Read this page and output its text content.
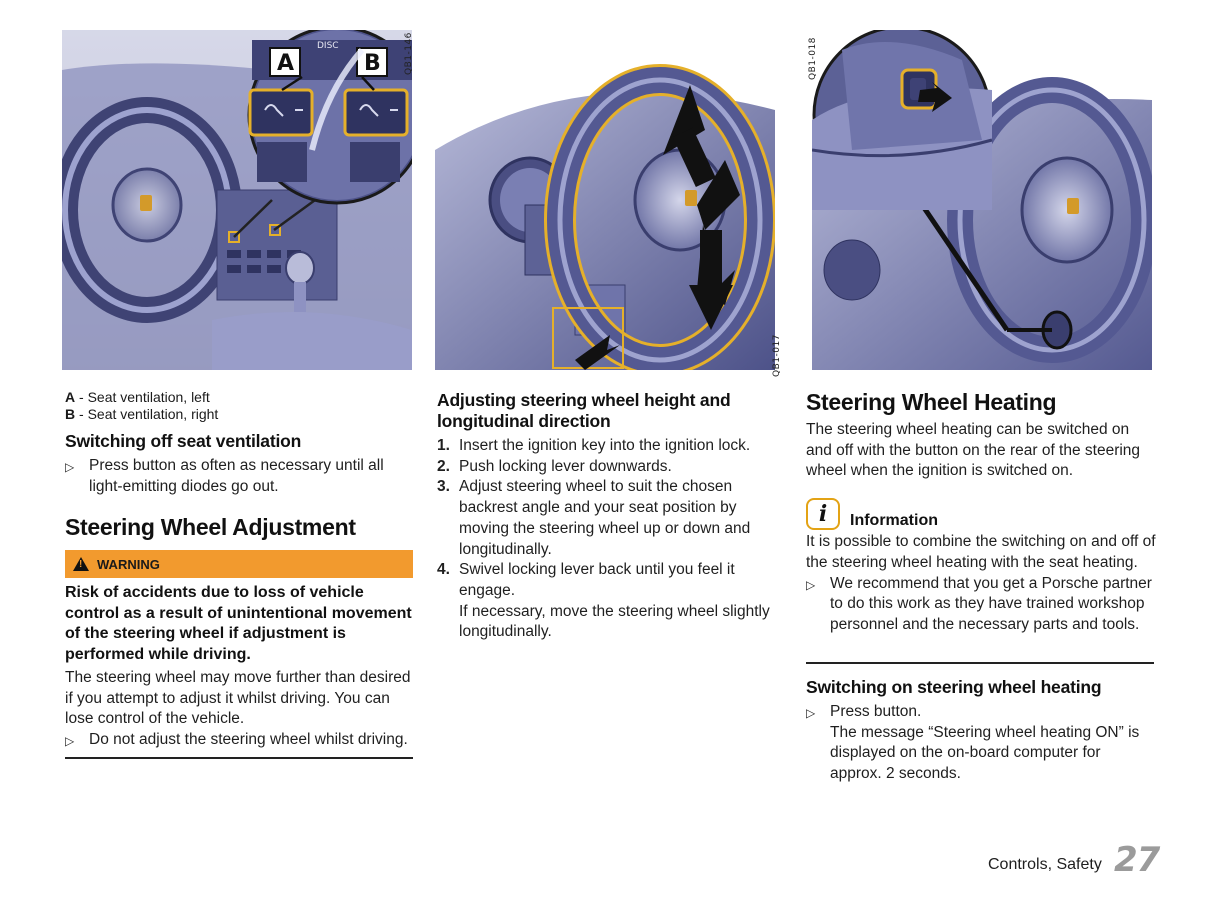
DISC
A	B	QB1-146
QB1-017
QB1-018
A - Seat ventilation, left
B - Seat ventilation, right
Switching off seat ventilation
▷ Press button as often as necessary until all light-emitting diodes go out.
Steering Wheel Adjustment
!
WARNING
Risk of accidents due to loss of vehicle control as a result of unintentional movement of the steering wheel if adjustment is performed while driving.
The steering wheel may move further than desired if you attempt to adjust it whilst driving. You can lose control of the vehicle.
▷ Do not adjust the steering wheel whilst driving.
Adjusting steering wheel height and longitudinal direction
1. Insert the ignition key into the ignition lock.
2. Push locking lever downwards.
3. Adjust steering wheel to suit the chosen backrest angle and your seat position by moving the steering wheel up or down and longitudinally.
4. Swivel locking lever back until you feel it engage.
If necessary, move the steering wheel slightly longitudinally.
Steering Wheel Heating
The steering wheel heating can be switched on and off with the button on the rear of the steering wheel when the ignition is switched on.
i	Information
It is possible to combine the switching on and off of the steering wheel heating with the seat heating.
▷ We recommend that you get a Porsche partner to do this work as they have trained workshop personnel and the necessary parts and tools.
Switching on steering wheel heating
▷ Press button.
The message “Steering wheel heating ON” is displayed on the on-board computer for approx. 2 seconds.
Controls, Safety 27
